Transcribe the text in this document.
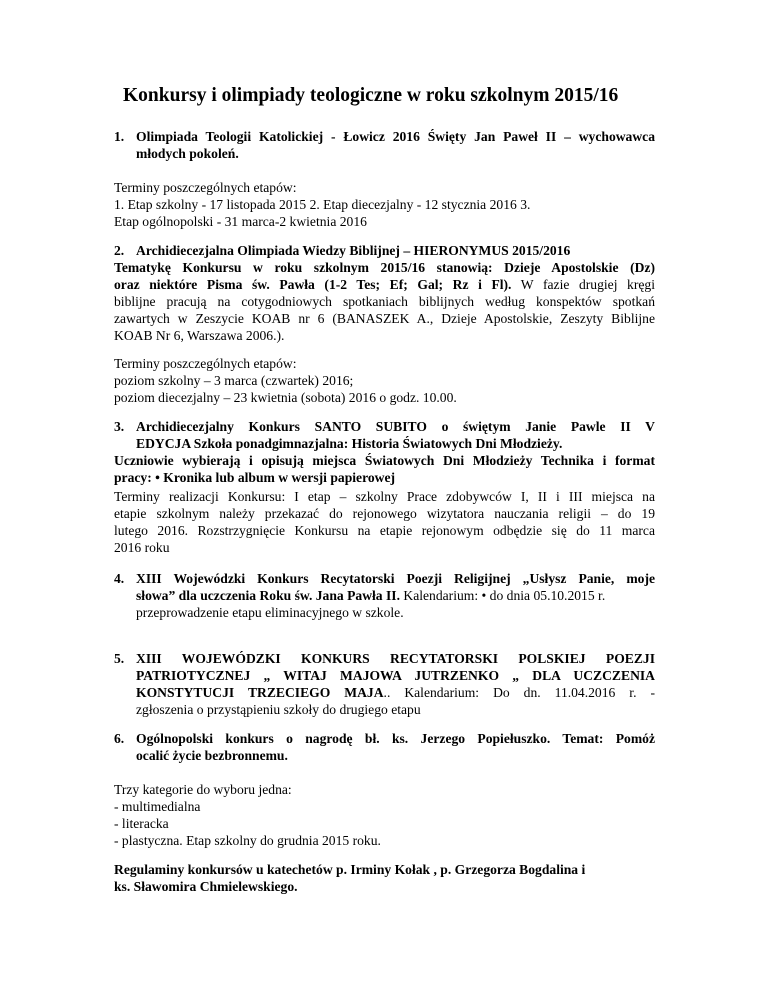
Konkursy i olimpiady teologiczne w roku szkolnym 2015/16
1. Olimpiada Teologii Katolickiej - Łowicz 2016 Święty Jan Paweł II – wychowawca
młodych pokoleń.

Terminy poszczególnych etapów:

1. Etap szkolny - 17 listopada 2015 2. Etap diecezjalny - 12 stycznia 2016 3.

Etap ogólnopolski - 31 marca-2 kwietnia 2016

2. Archidiecezjalna Olimpiada Wiedzy Biblijnej – HIERONYMUS 2015/2016

Tematykę Konkursu w roku szkolnym 2015/16 stanowią: Dzieje Apostolskie (Dz)

oraz niektóre Pisma św. Pawła (1-2 Tes; Ef; Gal; Rz i Fl). W fazie drugiej kręgi

biblijne pracują na cotygodniowych spotkaniach biblijnych według konspektów spotkań

zawartych w Zeszycie KOAB nr 6 (BANASZEK A., Dzieje Apostolskie, Zeszyty Biblijne

KOAB Nr 6, Warszawa 2006.).

Terminy poszczególnych etapów:

poziom szkolny – 3 marca (czwartek) 2016;

poziom diecezjalny – 23 kwietnia (sobota) 2016 o godz. 10.00.

3. Archidiecezjalny Konkurs SANTO SUBITO o świętym Janie Pawle II V
EDYCJA Szkoła ponadgimnazjalna: Historia Światowych Dni Młodzieży.

Uczniowie wybierają i opisują miejsca Światowych Dni Młodzieży Technika i format

pracy: • Kronika lub album w wersji papierowej

Terminy realizacji Konkursu: I etap – szkolny Prace zdobywców I, II i III miejsca na

etapie szkolnym należy przekazać do rejonowego wizytatora nauczania religii – do 19

lutego 2016. Rozstrzygnięcie Konkursu na etapie rejonowym odbędzie się do 11 marca

2016 roku

4. XIII Wojewódzki Konkurs Recytatorski Poezji Religijnej „Usłysz Panie, moje
słowa” dla uczczenia Roku św. Jana Pawła II. Kalendarium: • do dnia 05.10.2015 r.
przeprowadzenie etapu eliminacyjnego w szkole.
5. XIII WOJEWÓDZKI KONKURS RECYTATORSKI POLSKIEJ POEZJI
PATRIOTYCZNEJ „ WITAJ MAJOWA JUTRZENKO „ DLA UCZCZENIA
KONSTYTUCJI TRZECIEGO MAJA.. Kalendarium: Do dn. 11.04.2016 r. -
zgłoszenia o przystąpieniu szkoły do drugiego etapu
6. Ogólnopolski konkurs o nagrodę bł. ks. Jerzego Popiełuszko. Temat: Pomóż
ocalić życie bezbronnemu.

Trzy kategorie do wyboru jedna:

- multimedialna

- literacka

- plastyczna. Etap szkolny do grudnia 2015 roku.

Regulaminy konkursów u katechetów p. Irminy Kołak , p. Grzegorza Bogdalina i

ks. Sławomira Chmielewskiego.
